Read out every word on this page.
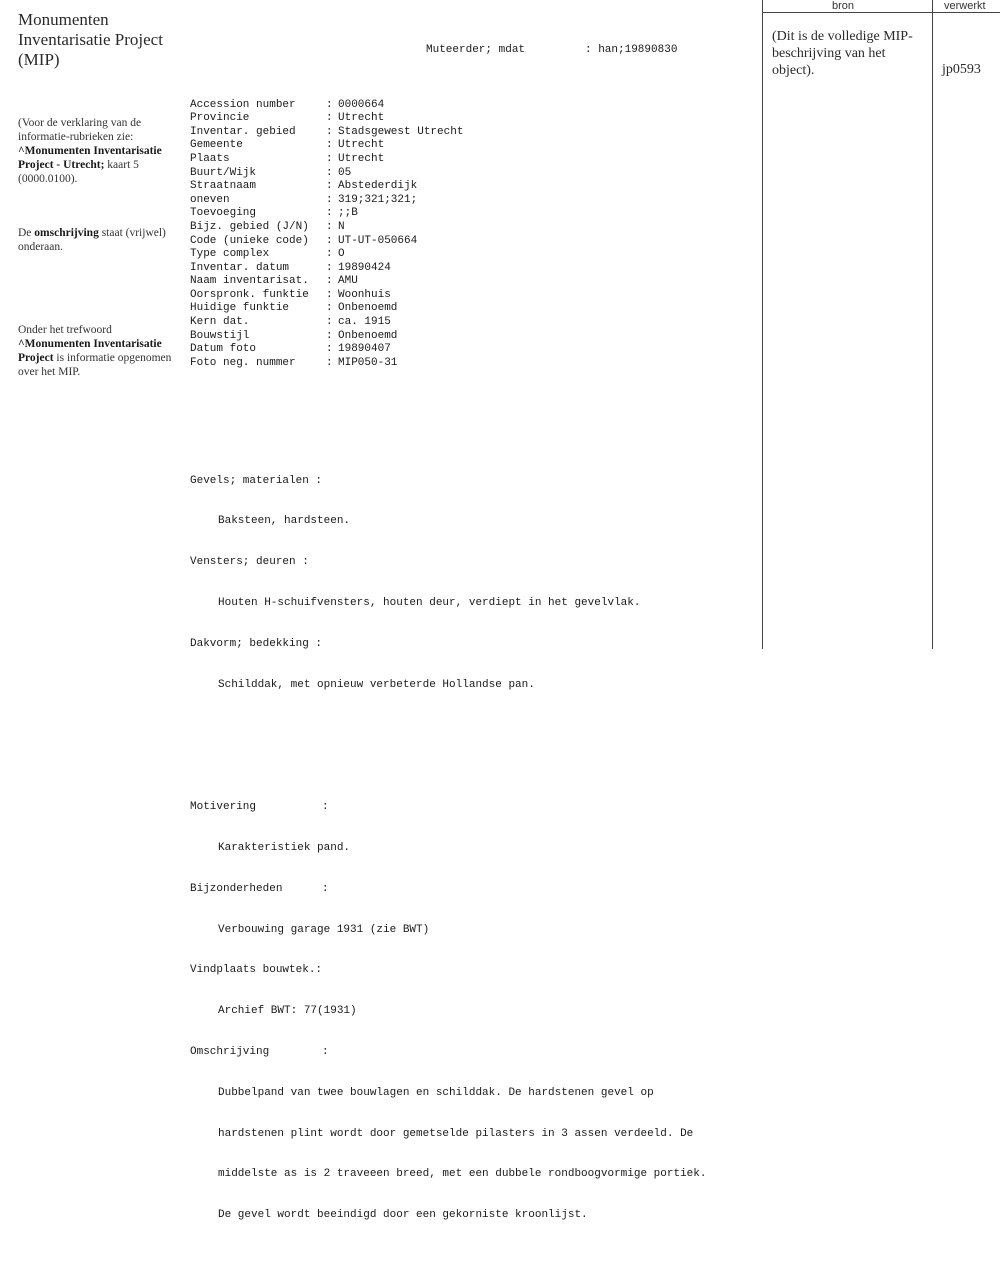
Monumenten Inventarisatie Project (MIP)
(Voor de verklaring van de informatie-rubrieken zie: ^Monumenten Inventarisatie Project - Utrecht; kaart 5 (0000.0100).
De omschrijving staat (vrijwel) onderaan.
Onder het trefwoord ^Monumenten Inventarisatie Project is informatie opgenomen over het MIP.

Muteerder; mdat

	: han;19890830

Accession number	: 0000664
Provincie	: Utrecht
Inventar. gebied	: Stadsgewest Utrecht
Gemeente	: Utrecht
Plaats	: Utrecht
Buurt/Wijk	: 05
Straatnaam	: Abstederdijk
oneven	: 319;321;321;
Toevoeging	: ;;B
Bijz. gebied (J/N)	: N
Code (unieke code)	: UT-UT-050664
Type complex	: O
Inventar. datum	: 19890424
Naam inventarisat.	: AMU
Oorspronk. funktie	: Woonhuis
Huidige funktie	: Onbenoemd
Kern dat.	: ca. 1915
Bouwstijl	: Onbenoemd
Datum foto	: 19890407
Foto neg. nummer	: MIP050-31

Gevels; materialen :

Baksteen, hardsteen.

Vensters; deuren :

Houten H-schuifvensters, houten deur, verdiept in het gevelvlak.

Dakvorm; bedekking :

Schilddak, met opnieuw verbeterde Hollandse pan.

Motivering          :

Karakteristiek pand.

Bijzonderheden      :

Verbouwing garage 1931 (zie BWT)

Vindplaats bouwtek.:

Archief BWT: 77(1931)

Omschrijving        :

Dubbelpand van twee bouwlagen en schilddak. De hardstenen gevel op

hardstenen plint wordt door gemetselde pilasters in 3 assen verdeeld. De

middelste as is 2 traveeen breed, met een dubbele rondboogvormige portiek.

De gevel wordt beeindigd door een gekorniste kroonlijst.

bron	verwerkt
(Dit is de volledige MIP-beschrijving van het object).	jp0593
